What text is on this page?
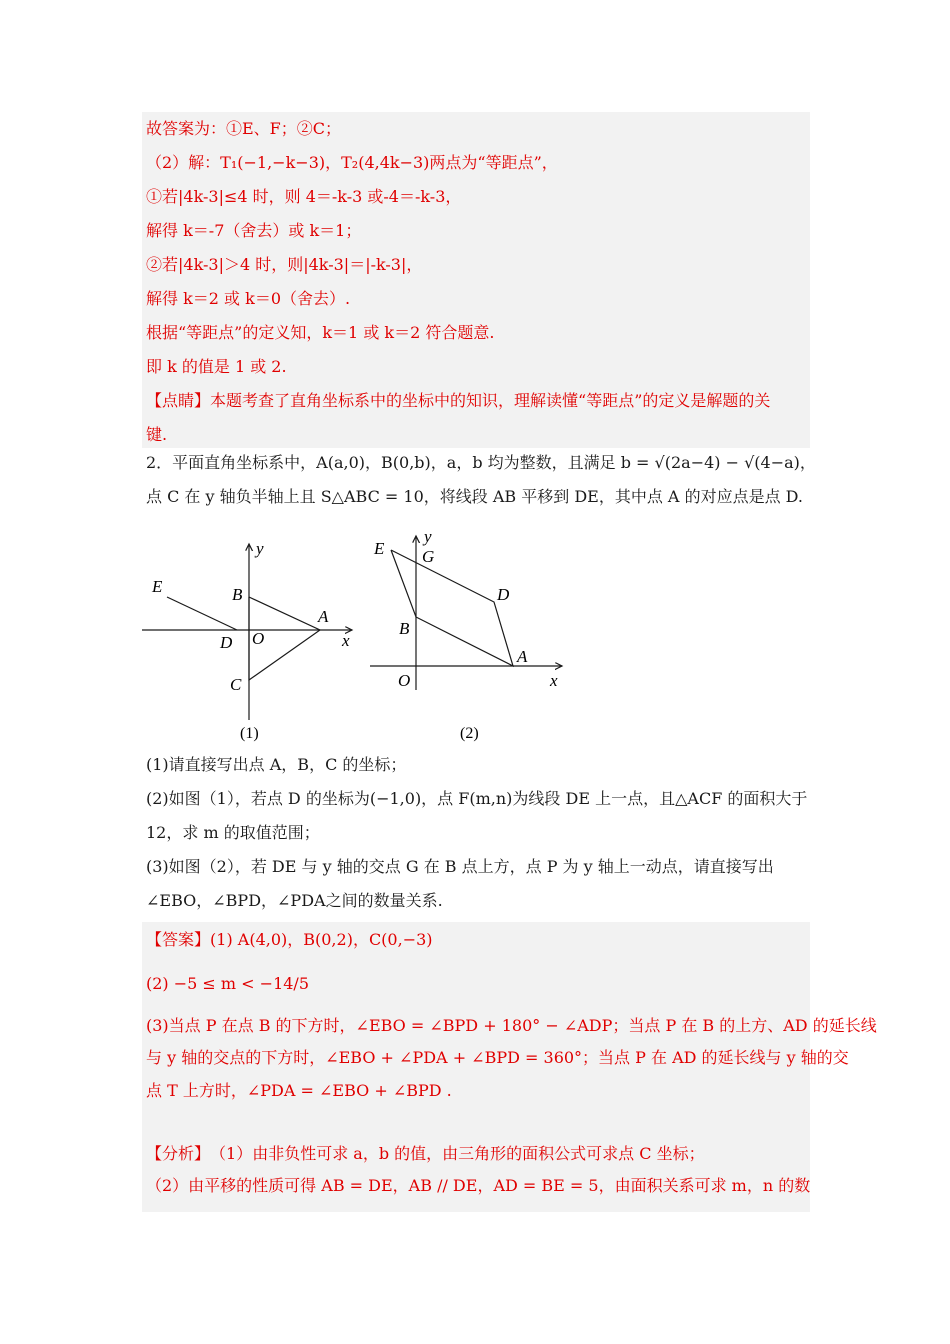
故答案为：①E、F；②C；
（2）解：T₁(−1,−k−3)，T₂(4,4k−3)两点为“等距点”，
①若|4k-3|≤4 时，则 4＝-k-3 或-4＝-k-3，
解得 k＝-7（舍去）或 k＝1；
②若|4k-3|＞4 时，则|4k-3|＝|-k-3|，
解得 k＝2 或 k＝0（舍去）.
根据“等距点”的定义知，k＝1 或 k＝2 符合题意.
即 k 的值是 1 或 2.
【点睛】 本题考查了直角坐标系中的坐标中的知识，理解读懂“等距点”的定义是解题的关
键.
2．平面直角坐标系中，A(a,0)，B(0,b)，a，b 均为整数，且满足 b = √(2a−4) − √(4−a)，
点 C 在 y 轴负半轴上且 S△ABC = 10，将线段 AB 平移到 DE，其中点 A 的对应点是点 D.
E	B
A
D O
C
x
y
(1)
E G
D
B
A
O	x
y
(2)
(1)请直接写出点 A，B，C 的坐标；
(2)如图（1），若点 D 的坐标为(−1,0)，点 F(m,n)为线段 DE 上一点，且△ACF 的面积大于
12，求 m 的取值范围；
(3)如图（2），若 DE 与 y 轴的交点 G 在 B 点上方，点 P 为 y 轴上一动点，请直接写出
∠EBO，∠BPD，∠PDA之间的数量关系.
【答案】 (1) A(4,0)，B(0,2)，C(0,−3)
(2) −5 ≤ m < −14/5
(3)当点 P 在点 B 的下方时，∠EBO = ∠BPD + 180° − ∠ADP；当点 P 在 B 的上方、AD 的延长线
与 y 轴的交点的下方时，∠EBO + ∠PDA + ∠BPD = 360°；当点 P 在 AD 的延长线与 y 轴的交
点 T 上方时，∠PDA = ∠EBO + ∠BPD .
【分析】 （1）由非负性可求 a，b 的值，由三角形的面积公式可求点 C 坐标；
（2）由平移的性质可得 AB = DE，AB // DE，AD = BE = 5，由面积关系可求 m，n 的数
